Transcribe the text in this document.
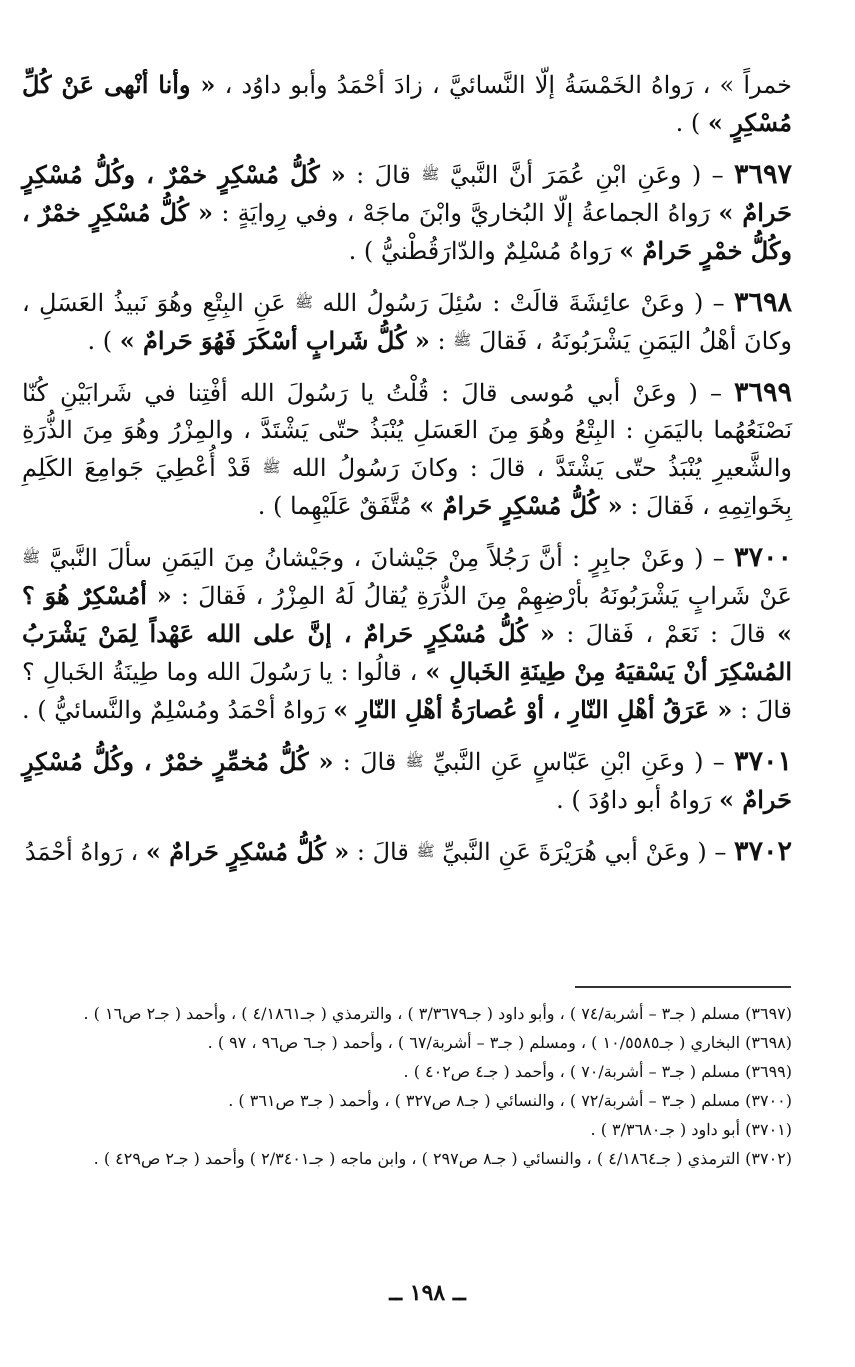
خمراً » ، رَواهُ الخَمْسَةُ إلّا النَّسائيَّ ، زادَ أحْمَدُ وأبو داوُد ، « وأنا أنْهى عَنْ كُلِّ مُسْكِرٍ » ) .

٣٦٩٧ – ( وعَنِ ابْنِ عُمَرَ أنَّ النَّبيَّ ﷺ قالَ : « كُلُّ مُسْكِرٍ خمْرٌ ، وكُلُّ مُسْكِرٍ حَرامٌ » رَواهُ الجماعةُ إلّا البُخاريَّ وابْنَ ماجَهْ ، وفي رِوايَةٍ : « كُلُّ مُسْكِرٍ خمْرٌ ، وكُلُّ خمْرٍ حَرامٌ » رَواهُ مُسْلِمٌ والدّارَقُطْنيُّ ) .

٣٦٩٨ – ( وعَنْ عائِشَةَ قالَتْ : سُئِلَ رَسُولُ الله ﷺ عَنِ البِتْعِ وهُوَ نَبيذُ العَسَلِ ، وكانَ أهْلُ اليَمَنِ يَشْرَبُونَهُ ، فَقالَ ﷺ : « كُلُّ شَرابٍ أسْكَرَ فَهُوَ حَرامٌ » ) .

٣٦٩٩ – ( وعَنْ أبي مُوسى قالَ : قُلْتُ يا رَسُولَ الله أفْتِنا في شَرابَيْنِ كُنّا نَصْنَعُهُما باليَمَنِ : البِتْعُ وهُوَ مِنَ العَسَلِ يُنْبَذُ حتّى يَشْتَدَّ ، والمِزْرُ وهُوَ مِنَ الذُّرَةِ والشَّعيرِ يُنْبَذُ حتّى يَشْتَدَّ ، قالَ : وكانَ رَسُولُ الله ﷺ قَدْ أُعْطِيَ جَوامِعَ الكَلِمِ بِخَواتِمِهِ ، فَقالَ : « كُلُّ مُسْكِرٍ حَرامٌ » مُتَّفَقٌ عَلَيْهِما ) .

٣٧٠٠ – ( وعَنْ جابِرٍ : أنَّ رَجُلاً مِنْ جَيْشانَ ، وجَيْشانُ مِنَ اليَمَنِ سألَ النَّبيَّ ﷺ عَنْ شَرابٍ يَشْرَبُونَهُ بأرْضِهِمْ مِنَ الذُّرَةِ يُقالُ لَهُ المِزْرُ ، فَقالَ : « أمُسْكِرٌ هُوَ ؟ » قالَ : نَعَمْ ، فَقالَ : « كُلُّ مُسْكِرٍ حَرامٌ ، إنَّ على الله عَهْداً لِمَنْ يَشْرَبُ المُسْكِرَ أنْ يَسْقيَهُ مِنْ طِينَةِ الخَبالِ » ، قالُوا : يا رَسُولَ الله وما طِينَةُ الخَبالِ ؟ قالَ : « عَرَقُ أهْلِ النّارِ ، أوْ عُصارَةُ أهْلِ النّارِ » رَواهُ أحْمَدُ ومُسْلِمٌ والنَّسائيُّ ) .

٣٧٠١ – ( وعَنِ ابْنِ عَبّاسٍ عَنِ النَّبيِّ ﷺ قالَ : « كُلُّ مُخمِّرٍ خمْرٌ ، وكُلُّ مُسْكِرٍ حَرامٌ » رَواهُ أبو داوُدَ ) .

٣٧٠٢ – ( وعَنْ أبي هُرَيْرَةَ عَنِ النَّبيِّ ﷺ قالَ : « كُلُّ مُسْكِرٍ حَرامٌ » ، رَواهُ أحْمَدُ

(٣٦٩٧) مسلم ( جـ٣ – أشربة/٧٤ ) ، وأبو داود ( جـ٣/٣٦٧٩ ) ، والترمذي ( جـ٤/١٨٦١ ) ، وأحمد ( جـ٢ ص١٦ ) .
(٣٦٩٨) البخاري ( جـ١٠/٥٥٨٥ ) ، ومسلم ( جـ٣ – أشربة/٦٧ ) ، وأحمد ( جـ٦ ص٩٦ ، ٩٧ ) .
(٣٦٩٩) مسلم ( جـ٣ – أشربة/٧٠ ) ، وأحمد ( جـ٤ ص٤٠٢ ) .
(٣٧٠٠) مسلم ( جـ٣ – أشربة/٧٢ ) ، والنسائي ( جـ٨ ص٣٢٧ ) ، وأحمد ( جـ٣ ص٣٦١ ) .
(٣٧٠١) أبو داود ( جـ٣/٣٦٨٠ ) .
(٣٧٠٢) الترمذي ( جـ٤/١٨٦٤ ) ، والنسائي ( جـ٨ ص٢٩٧ ) ، وابن ماجه ( جـ٢/٣٤٠١ ) وأحمد ( جـ٢ ص٤٢٩ ) .
ــ ١٩٨ ــ
